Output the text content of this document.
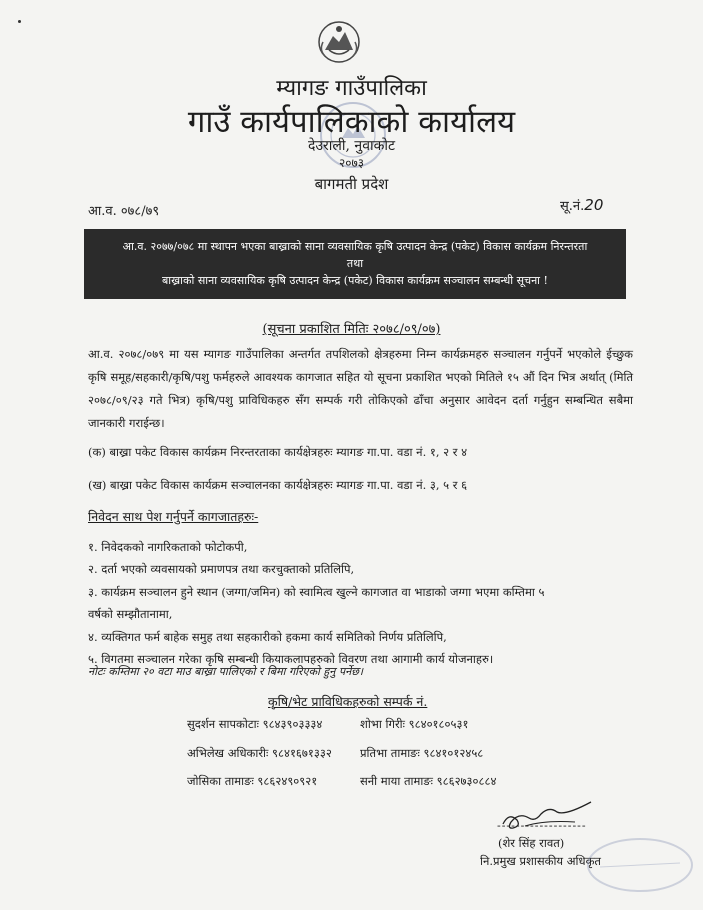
म्यागङ गाउँपालिका
गाउँ कार्यपालिकाको कार्यालय
देउराली, नुवाकोट
२०७३
बागमती प्रदेश
आ.व. ०७८/७९	सू.नं.20
आ.व. २०७७/०७८ मा स्थापन भएका बाख्राको साना व्यवसायिक कृषि उत्पादन केन्द्र (पकेट) विकास कार्यक्रम निरन्तरता
तथा
बाख्राको साना व्यवसायिक कृषि उत्पादन केन्द्र (पकेट) विकास कार्यक्रम सञ्चालन सम्बन्धी सूचना !
(सूचना प्रकाशित मितिः २०७८/०९/०७)
आ.व. २०७८/०७९ मा यस म्यागङ गाउँपालिका अन्तर्गत तपशिलको क्षेत्रहरुमा निम्न कार्यक्रमहरु सञ्चालन गर्नुपर्ने भएकोले ईच्छुक कृषि समूह/सहकारी/कृषि/पशु फर्महरुले आवश्यक कागजात सहित यो सूचना प्रकाशित भएको मितिले १५ औं दिन भित्र अर्थात् (मिति २०७८/०९/२३ गते भित्र) कृषि/पशु प्राविधिकहरु सँग सम्पर्क गरी तोकिएको ढाँचा अनुसार आवेदन दर्ता गर्नुहुन सम्बन्धित सबैमा जानकारी गराईन्छ।
(क) बाख्रा पकेट विकास कार्यक्रम निरन्तरताका कार्यक्षेत्रहरुः म्यागङ गा.पा. वडा नं. १, २ र ४
(ख) बाख्रा पकेट विकास कार्यक्रम सञ्चालनका कार्यक्षेत्रहरुः म्यागङ गा.पा. वडा नं. ३, ५ र ६
निवेदन साथ पेश गर्नुपर्ने कागजातहरुः-
१. निवेदकको नागरिकताको फोटोकपी,
२. दर्ता भएको व्यवसायको प्रमाणपत्र तथा करचुक्ताको प्रतिलिपि,
३. कार्यक्रम सञ्चालन हुने स्थान (जग्गा/जमिन) को स्वामित्व खुल्ने कागजात वा भाडाको जग्गा भएमा कम्तिमा ५
वर्षको सम्झौतानामा,
४. व्यक्तिगत फर्म बाहेक समुह तथा सहकारीको हकमा कार्य समितिको निर्णय प्रतिलिपि,
५. विगतमा सञ्चालन गरेका कृषि सम्बन्धी कियाकलापहरुको विवरण तथा आगामी कार्य योजनाहरु।
नोटः कम्तिमा २० वटा माउ बाख्रा पालिएको र बिमा गरिएको हुनु पर्नेछ।
कृषि/भेट प्राविधिकहरुको सम्पर्क नं.
सुदर्शन सापकोटाः ९८४३९०३३३४	शोभा गिरीः ९८४०१८०५३१
अभिलेख अधिकारीः ९८४१६७१३३२ प्रतिभा तामाङः ९८४१०१२४५८
जोसिका तामाङः ९८६२४९०९२१	सनी माया तामाङः ९८६२७३०८८४
-------------------
(शेर सिंह रावत)
नि.प्रमुख प्रशासकीय अधिकृत
